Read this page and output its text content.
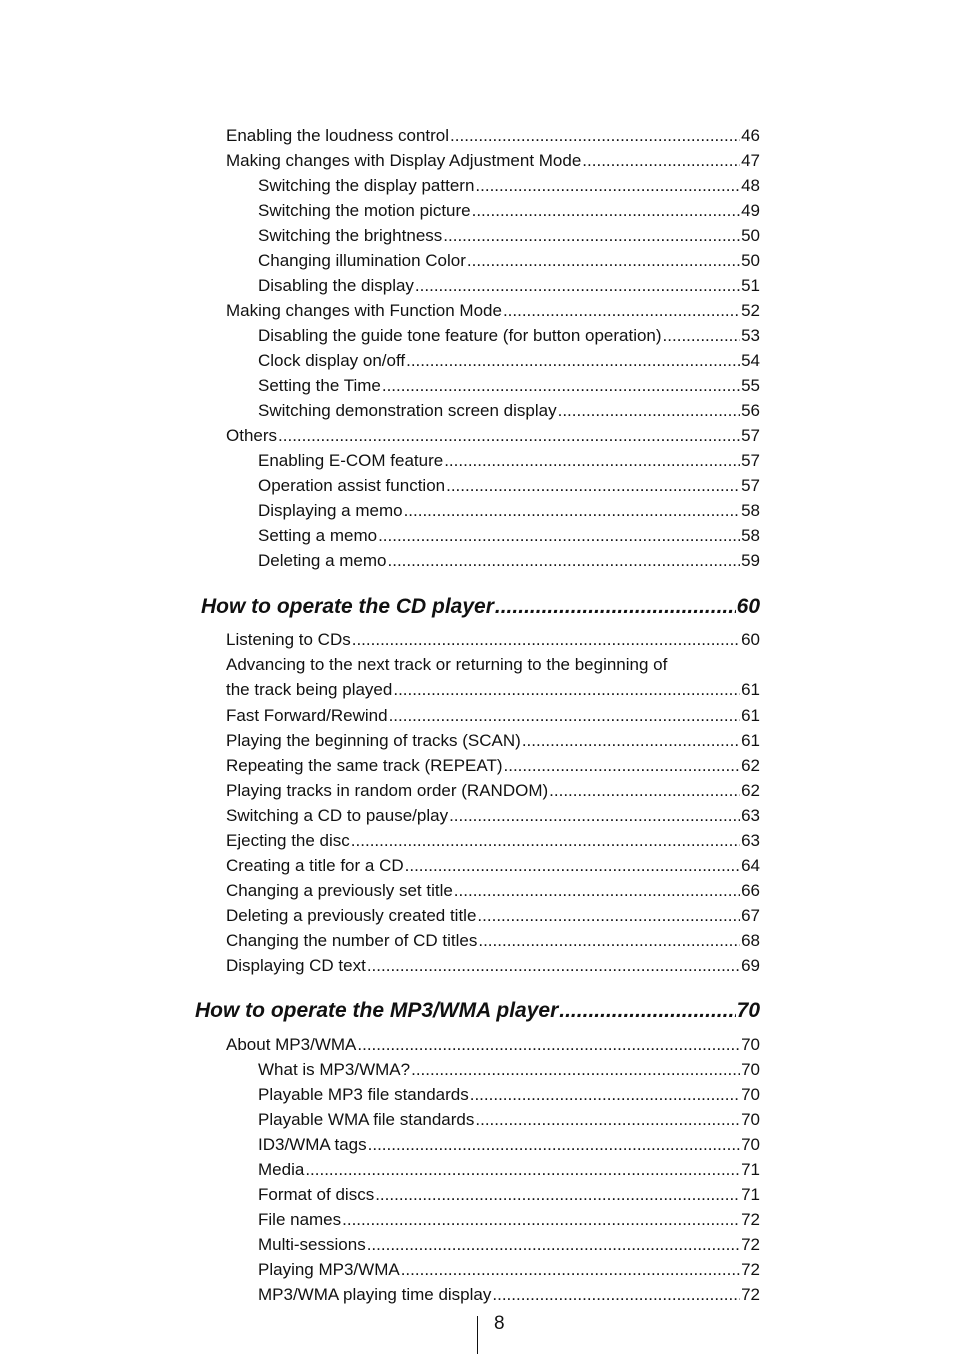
Enabling the loudness control .....	46
Making changes with Display Adjustment Mode .....	47
Switching the display pattern .....	48
Switching the motion picture .....	49
Switching the brightness .....	50
Changing illumination Color .....	50
Disabling the display .....	51
Making changes with Function Mode .....	52
Disabling the guide tone feature (for button operation) .....	53
Clock display on/off .....	54
Setting the Time .....	55
Switching demonstration screen display .....	56
Others .....	57
Enabling E-COM feature .....	57
Operation assist function .....	57
Displaying a memo .....	58
Setting a memo .....	58
Deleting a memo .....	59
How to operate the CD player .....	60
Listening to CDs .....	60
Advancing to the next track or returning to the beginning of
the track being played .....	61
Fast Forward/Rewind .....	61
Playing the beginning of tracks (SCAN) .....	61
Repeating the same track (REPEAT) .....	62
Playing tracks in random order (RANDOM) .....	62
Switching a CD to pause/play .....	63
Ejecting the disc .....	63
Creating a title for a CD .....	64
Changing a previously set title .....	66
Deleting a previously created title .....	67
Changing the number of CD titles .....	68
Displaying CD text .....	69
How to operate the MP3/WMA player .....	70
About MP3/WMA .....	70
What is MP3/WMA? .....	70
Playable MP3 file standards .....	70
Playable WMA file standards .....	70
ID3/WMA tags .....	70
Media .....	71
Format of discs .....	71
File names .....	72
Multi-sessions .....	72
Playing MP3/WMA .....	72
MP3/WMA playing time display .....	72
8
